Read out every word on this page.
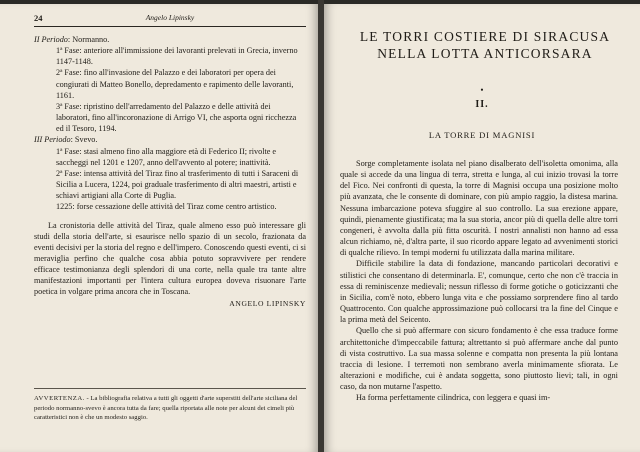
24	Angelo Lipinsky

II Periodo: Normanno.

1ª Fase: anteriore all'immissione dei lavoranti prelevati in Grecia, inverno 1147-1148.

2ª Fase: fino all'invasione del Palazzo e dei laboratori per opera dei congiurati di Matteo Bonello, depredamento e rapimento delle lavoranti, 1161.

3ª Fase: ripristino dell'arredamento del Palazzo e delle attività dei laboratori, fino all'incoronazione di Arrigo VI, che asporta ogni ricchezza ed il Tesoro, 1194.

III Periodo: Svevo.

1ª Fase: stasi almeno fino alla maggiore età di Federico II; rivolte e saccheggi nel 1201 e 1207, anno dell'avvento al potere; inattività.

2ª Fase: intensa attività del Tiraz fino al trasferimento di tutti i Saraceni di Sicilia a Lucera, 1224, poi graduale trasferimento di altri maestri, artisti e schiavi artigiani alla Corte di Puglia.

1225: forse cessazione delle attività del Tiraz come centro artistico.

La cronistoria delle attività del Tiraz, quale almeno esso può interessare gli studi della storia dell'arte, si esaurisce nello spazio di un secolo, frazionata da eventi decisivi per la storia del regno e dell'impero. Conoscendo questi eventi, ci si meraviglia perfino che qualche cosa abbia potuto sopravvivere per rendere efficace testimonianza degli splendori di una corte, nella quale tra tante altre manifestazioni importanti per l'intera cultura europea doveva risuonare l'arte poetica in volgare prima ancora che in Toscana.

ANGELO LIPINSKY

AVVERTENZA. - La bibliografia relativa a tutti gli oggetti d'arte superstiti dell'arte siciliana del periodo normanno-svevo è ancora tutta da fare; quella riportata alle note per alcuni dei cimeli più caratteristici non è che un modesto saggio.
LE TORRI COSTIERE DI SIRACUSA
NELLA LOTTA ANTICORSARA
•
II.
LA TORRE DI MAGNISI

Sorge completamente isolata nel piano disalberato dell'isoletta omonima, alla quale si accede da una lingua di terra, stretta e lunga, al cui inizio trovasi la torre del Fico. Nei confronti di questa, la torre di Magnisi occupa una posizione molto più avanzata, che le consente di dominare, con più ampio raggio, la distesa marina. Nessuna imbarcazione poteva sfuggire al suo controllo. La sua erezione appare, quindi, pienamente giustificata; ma la sua storia, ancor più di quella delle altre torri congeneri, è avvolta dalla più fitta oscurità. I nostri annalisti non hanno ad essa alcun richiamo, nè, d'altra parte, il suo ricordo appare legato ad avvenimenti storici di qualche rilievo. In tempi moderni fu utilizzata dalla marina militare.

Difficile stabilire la data di fondazione, mancando particolari decorativi e stilistici che consentano di determinarla. E', comunque, certo che non c'è traccia in essa di reminiscenze medievali; nessun riflesso di forme gotiche o goticizzanti che in Sicilia, com'è noto, ebbero lunga vita e che possiamo sorprendere fino al tardo Quattrocento. Con qualche approssimazione può collocarsi tra la fine del Cinque e la prima metà del Seicento.

Quello che si può affermare con sicuro fondamento è che essa traduce forme architettoniche d'impeccabile fattura; altrettanto si può affermare anche dal punto di vista costruttivo. La sua massa solenne e compatta non presenta la più lontana traccia di lesione. I terremoti non sembrano averla minimamente sfiorata. Le alterazioni e modifiche, cui è andata soggetta, sono piuttosto lievi; tali, in ogni caso, da non mutarne l'aspetto.

Ha forma perfettamente cilindrica, con leggera e quasi im-
